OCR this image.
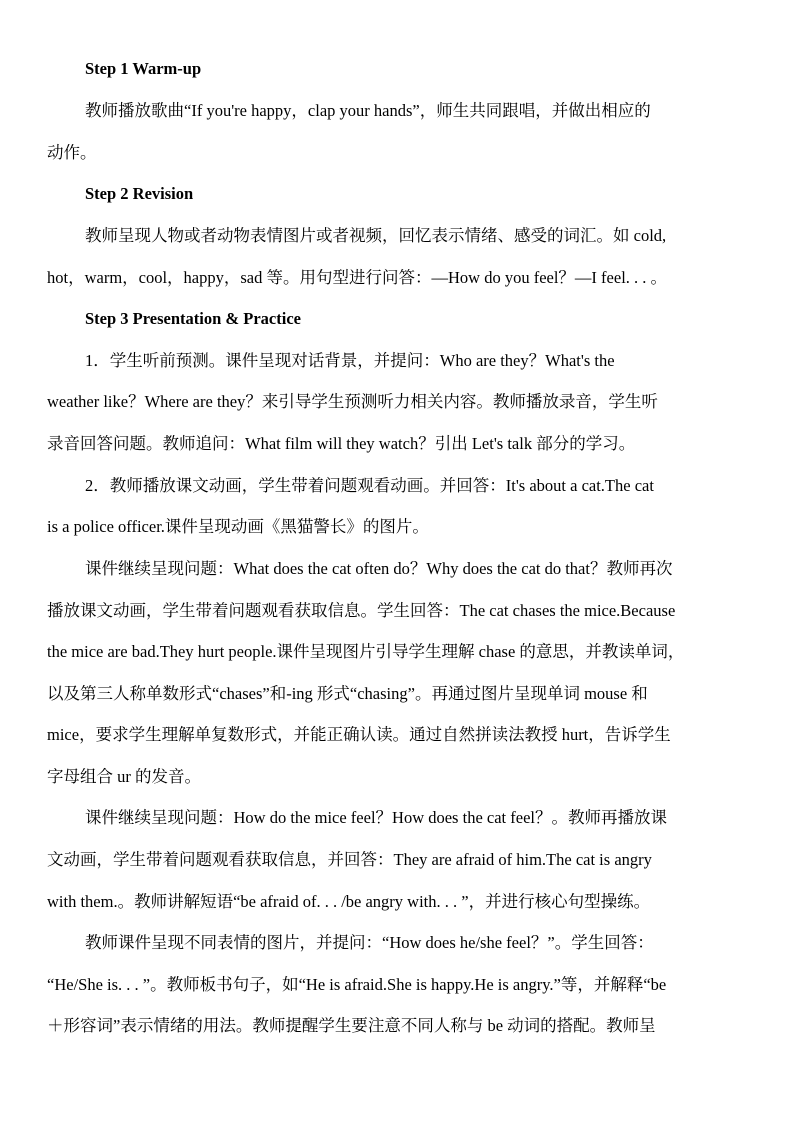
Step 1 Warm-up
教师播放歌曲“If you're happy，clap your hands”，师生共同跟唱，并做出相应的
动作。
Step 2 Revision
教师呈现人物或者动物表情图片或者视频，回忆表示情绪、感受的词汇。如 cold,
hot，warm，cool，happy，sad 等。用句型进行问答：—How do you feel？—I feel. . . 。
Step 3 Presentation & Practice
1．学生听前预测。课件呈现对话背景，并提问：Who are they？What's the
weather like？Where are they？来引导学生预测听力相关内容。教师播放录音，学生听
录音回答问题。教师追问：What film will they watch？引出 Let's talk 部分的学习。
2．教师播放课文动画，学生带着问题观看动画。并回答：It's about a cat.The cat
is a police officer.课件呈现动画《黑猫警长》的图片。
课件继续呈现问题：What does the cat often do？Why does the cat do that？教师再次
播放课文动画，学生带着问题观看获取信息。学生回答：The cat chases the mice.Because
the mice are bad.They hurt people.课件呈现图片引导学生理解 chase 的意思，并教读单词，
以及第三人称单数形式“chases”和-ing 形式“chasing”。再通过图片呈现单词 mouse 和
mice，要求学生理解单复数形式，并能正确认读。通过自然拼读法教授 hurt，告诉学生
字母组合 ur 的发音。
课件继续呈现问题：How do the mice feel？How does the cat feel？。教师再播放课
文动画，学生带着问题观看获取信息，并回答：They are afraid of him.The cat is angry
with them.。教师讲解短语“be afraid of. . . /be angry with. . . ”，并进行核心句型操练。
教师课件呈现不同表情的图片，并提问：“How does he/she feel？”。学生回答：
“He/She is. . . ”。教师板书句子，如“He is afraid.She is happy.He is angry.”等，并解释“be
＋形容词”表示情绪的用法。教师提醒学生要注意不同人称与 be 动词的搭配。教师呈
